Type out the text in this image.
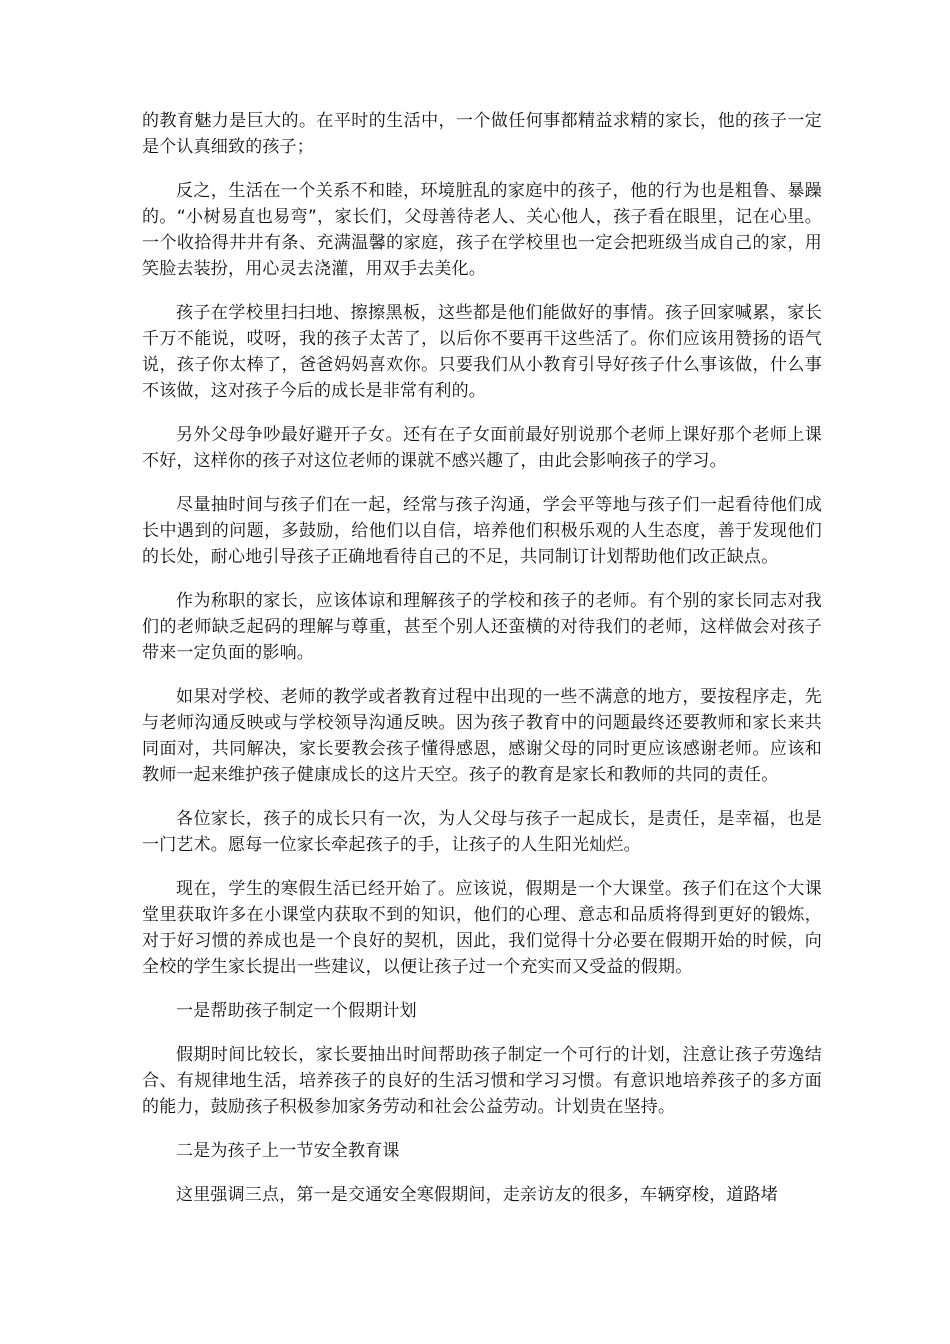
的教育魅力是巨大的。在平时的生活中，一个做任何事都精益求精的家长，他的孩子一定是个认真细致的孩子；

反之，生活在一个关系不和睦，环境脏乱的家庭中的孩子，他的行为也是粗鲁、暴躁的。“小树易直也易弯”，家长们，父母善待老人、关心他人，孩子看在眼里，记在心里。一个收拾得井井有条、充满温馨的家庭，孩子在学校里也一定会把班级当成自己的家，用笑脸去装扮，用心灵去浇灌，用双手去美化。

孩子在学校里扫扫地、擦擦黑板，这些都是他们能做好的事情。孩子回家喊累，家长千万不能说，哎呀，我的孩子太苦了，以后你不要再干这些活了。你们应该用赞扬的语气说，孩子你太棒了，爸爸妈妈喜欢你。只要我们从小教育引导好孩子什么事该做，什么事不该做，这对孩子今后的成长是非常有利的。

另外父母争吵最好避开子女。还有在子女面前最好别说那个老师上课好那个老师上课不好，这样你的孩子对这位老师的课就不感兴趣了，由此会影响孩子的学习。

尽量抽时间与孩子们在一起，经常与孩子沟通，学会平等地与孩子们一起看待他们成长中遇到的问题，多鼓励，给他们以自信，培养他们积极乐观的人生态度，善于发现他们的长处，耐心地引导孩子正确地看待自己的不足，共同制订计划帮助他们改正缺点。

作为称职的家长，应该体谅和理解孩子的学校和孩子的老师。有个别的家长同志对我们的老师缺乏起码的理解与尊重，甚至个别人还蛮横的对待我们的老师，这样做会对孩子带来一定负面的影响。

如果对学校、老师的教学或者教育过程中出现的一些不满意的地方，要按程序走，先与老师沟通反映或与学校领导沟通反映。因为孩子教育中的问题最终还要教师和家长来共同面对，共同解决，家长要教会孩子懂得感恩，感谢父母的同时更应该感谢老师。应该和教师一起来维护孩子健康成长的这片天空。孩子的教育是家长和教师的共同的责任。

各位家长，孩子的成长只有一次，为人父母与孩子一起成长，是责任，是幸福，也是一门艺术。愿每一位家长牵起孩子的手，让孩子的人生阳光灿烂。

现在，学生的寒假生活已经开始了。应该说，假期是一个大课堂。孩子们在这个大课堂里获取许多在小课堂内获取不到的知识，他们的心理、意志和品质将得到更好的锻炼，对于好习惯的养成也是一个良好的契机，因此，我们觉得十分必要在假期开始的时候，向全校的学生家长提出一些建议，以便让孩子过一个充实而又受益的假期。

一是帮助孩子制定一个假期计划

假期时间比较长，家长要抽出时间帮助孩子制定一个可行的计划，注意让孩子劳逸结合、有规律地生活，培养孩子的良好的生活习惯和学习习惯。有意识地培养孩子的多方面的能力，鼓励孩子积极参加家务劳动和社会公益劳动。计划贵在坚持。

二是为孩子上一节安全教育课

这里强调三点，第一是交通安全寒假期间，走亲访友的很多，车辆穿梭，道路堵
